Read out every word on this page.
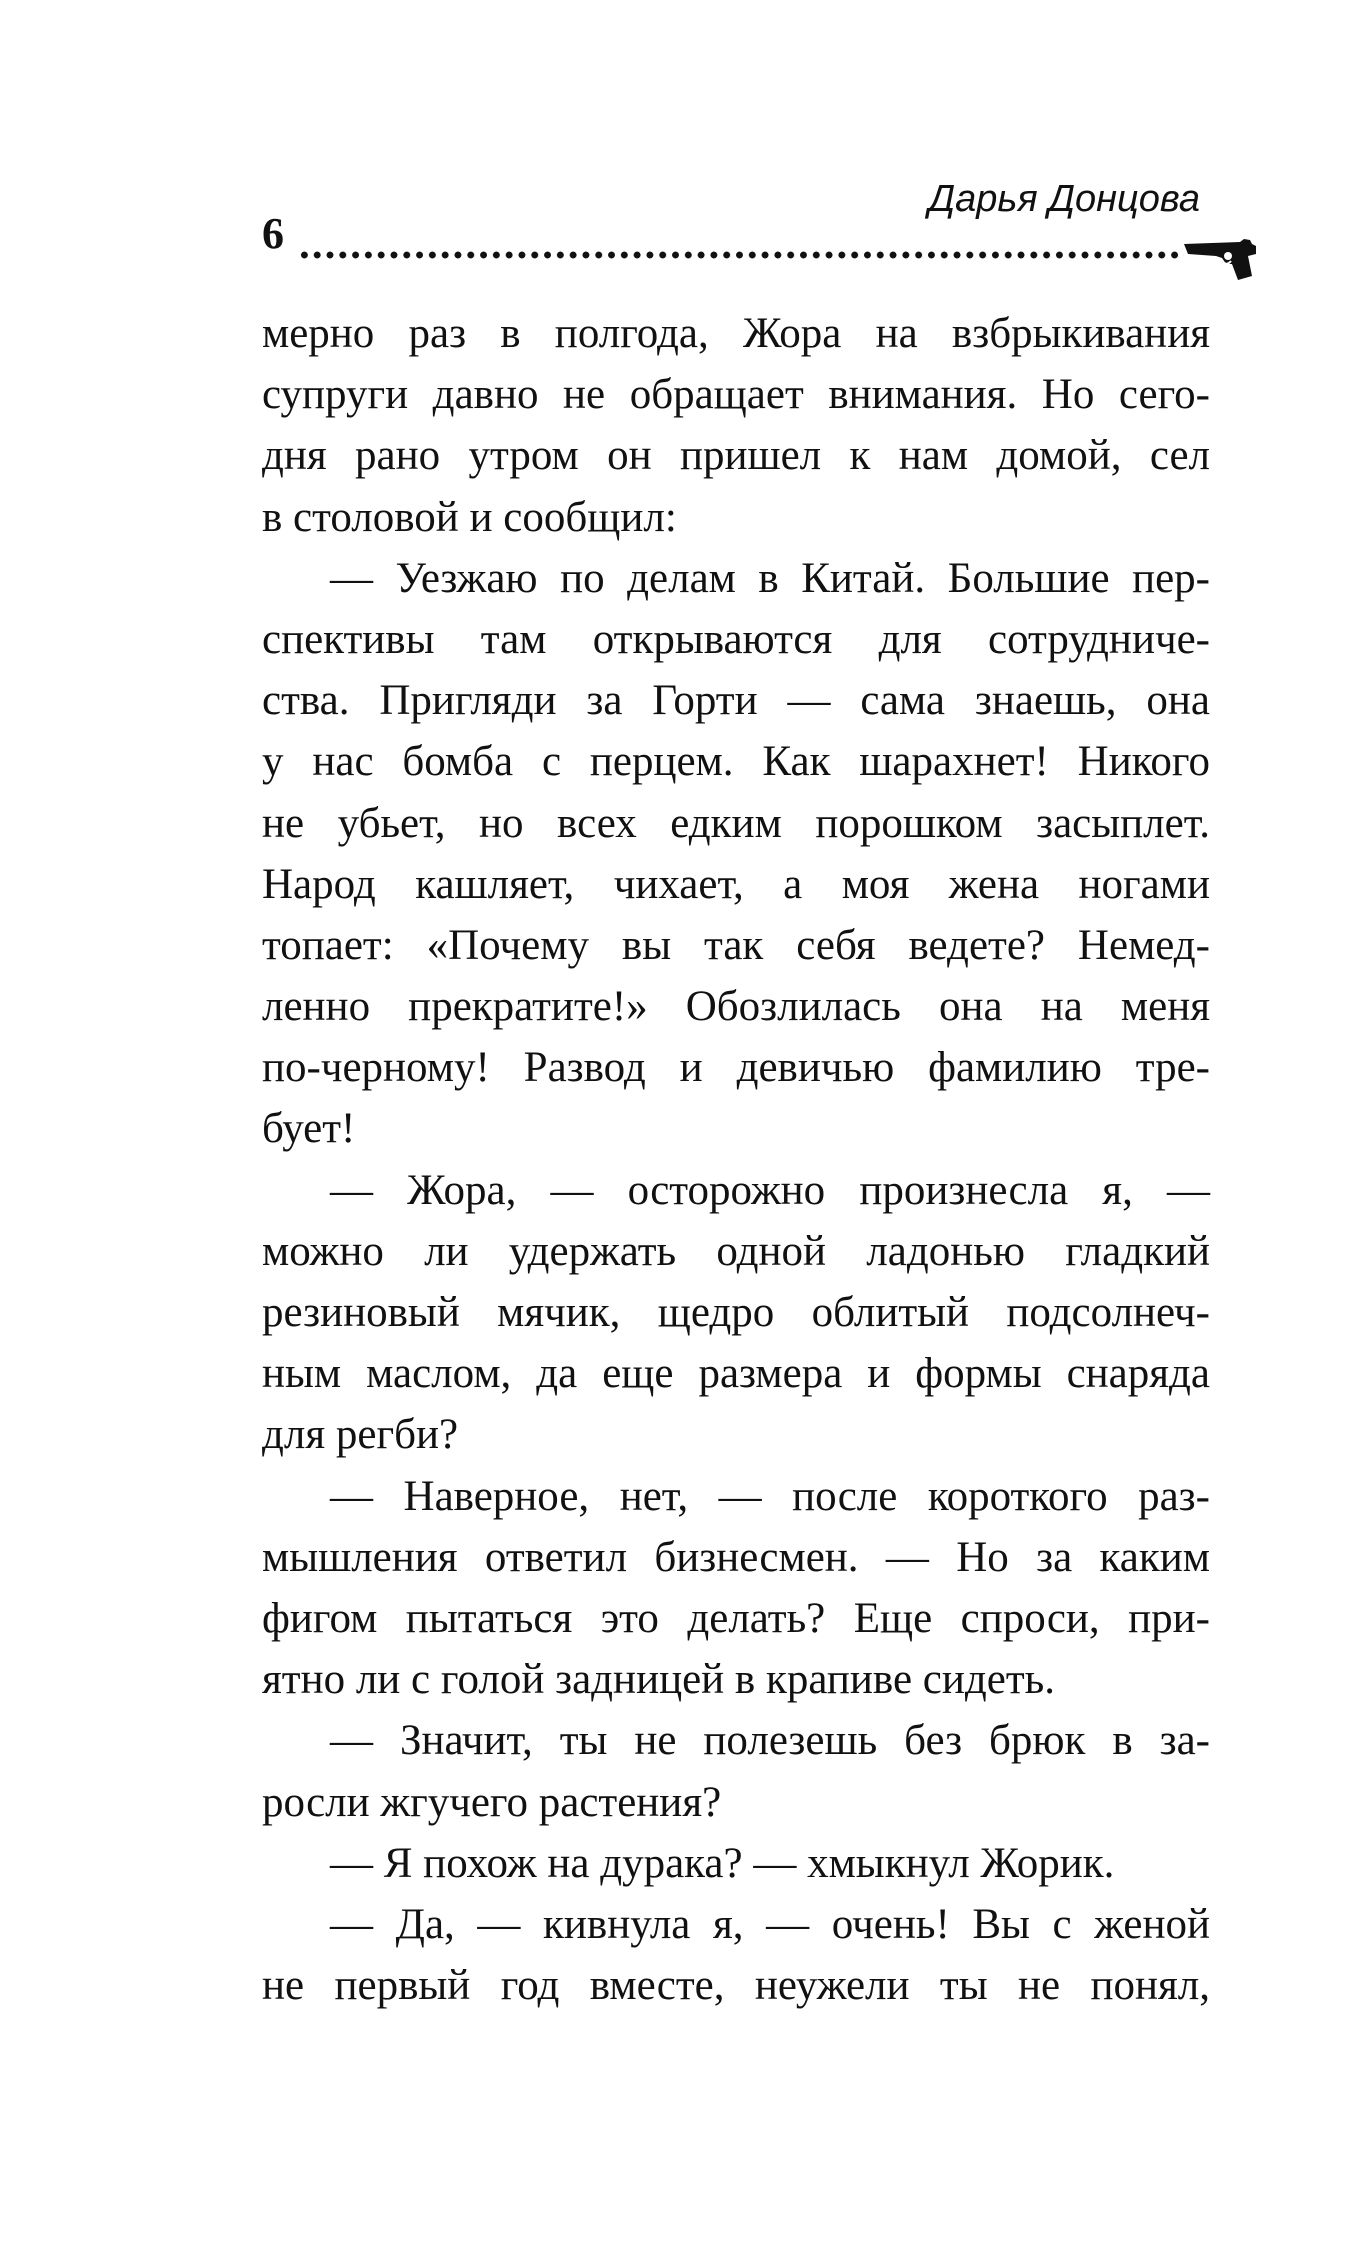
6
Дарья Донцова
мерно раз в полгода, Жора на взбрыкивания
супруги давно не обращает внимания. Но сего-
дня рано утром он пришел к нам домой, сел
в столовой и сообщил:
— Уезжаю по делам в Китай. Большие пер-
спективы там открываются для сотрудниче-
ства. Пригляди за Горти — сама знаешь, она
у нас бомба с перцем. Как шарахнет! Никого
не убьет, но всех едким порошком засыплет.
Народ кашляет, чихает, а моя жена ногами
топает: «Почему вы так себя ведете? Немед-
ленно прекратите!» Обозлилась она на меня
по-черному! Развод и девичью фамилию тре-
бует!
— Жора, — осторожно произнесла я, —
можно ли удержать одной ладонью гладкий
резиновый мячик, щедро облитый подсолнеч-
ным маслом, да еще размера и формы снаряда
для регби?
— Наверное, нет, — после короткого раз-
мышления ответил бизнесмен. — Но за каким
фигом пытаться это делать? Еще спроси, при-
ятно ли с голой задницей в крапиве сидеть.
— Значит, ты не полезешь без брюк в за-
росли жгучего растения?
— Я похож на дурака? — хмыкнул Жорик.
— Да, — кивнула я, — очень! Вы с женой
не первый год вместе, неужели ты не понял,
